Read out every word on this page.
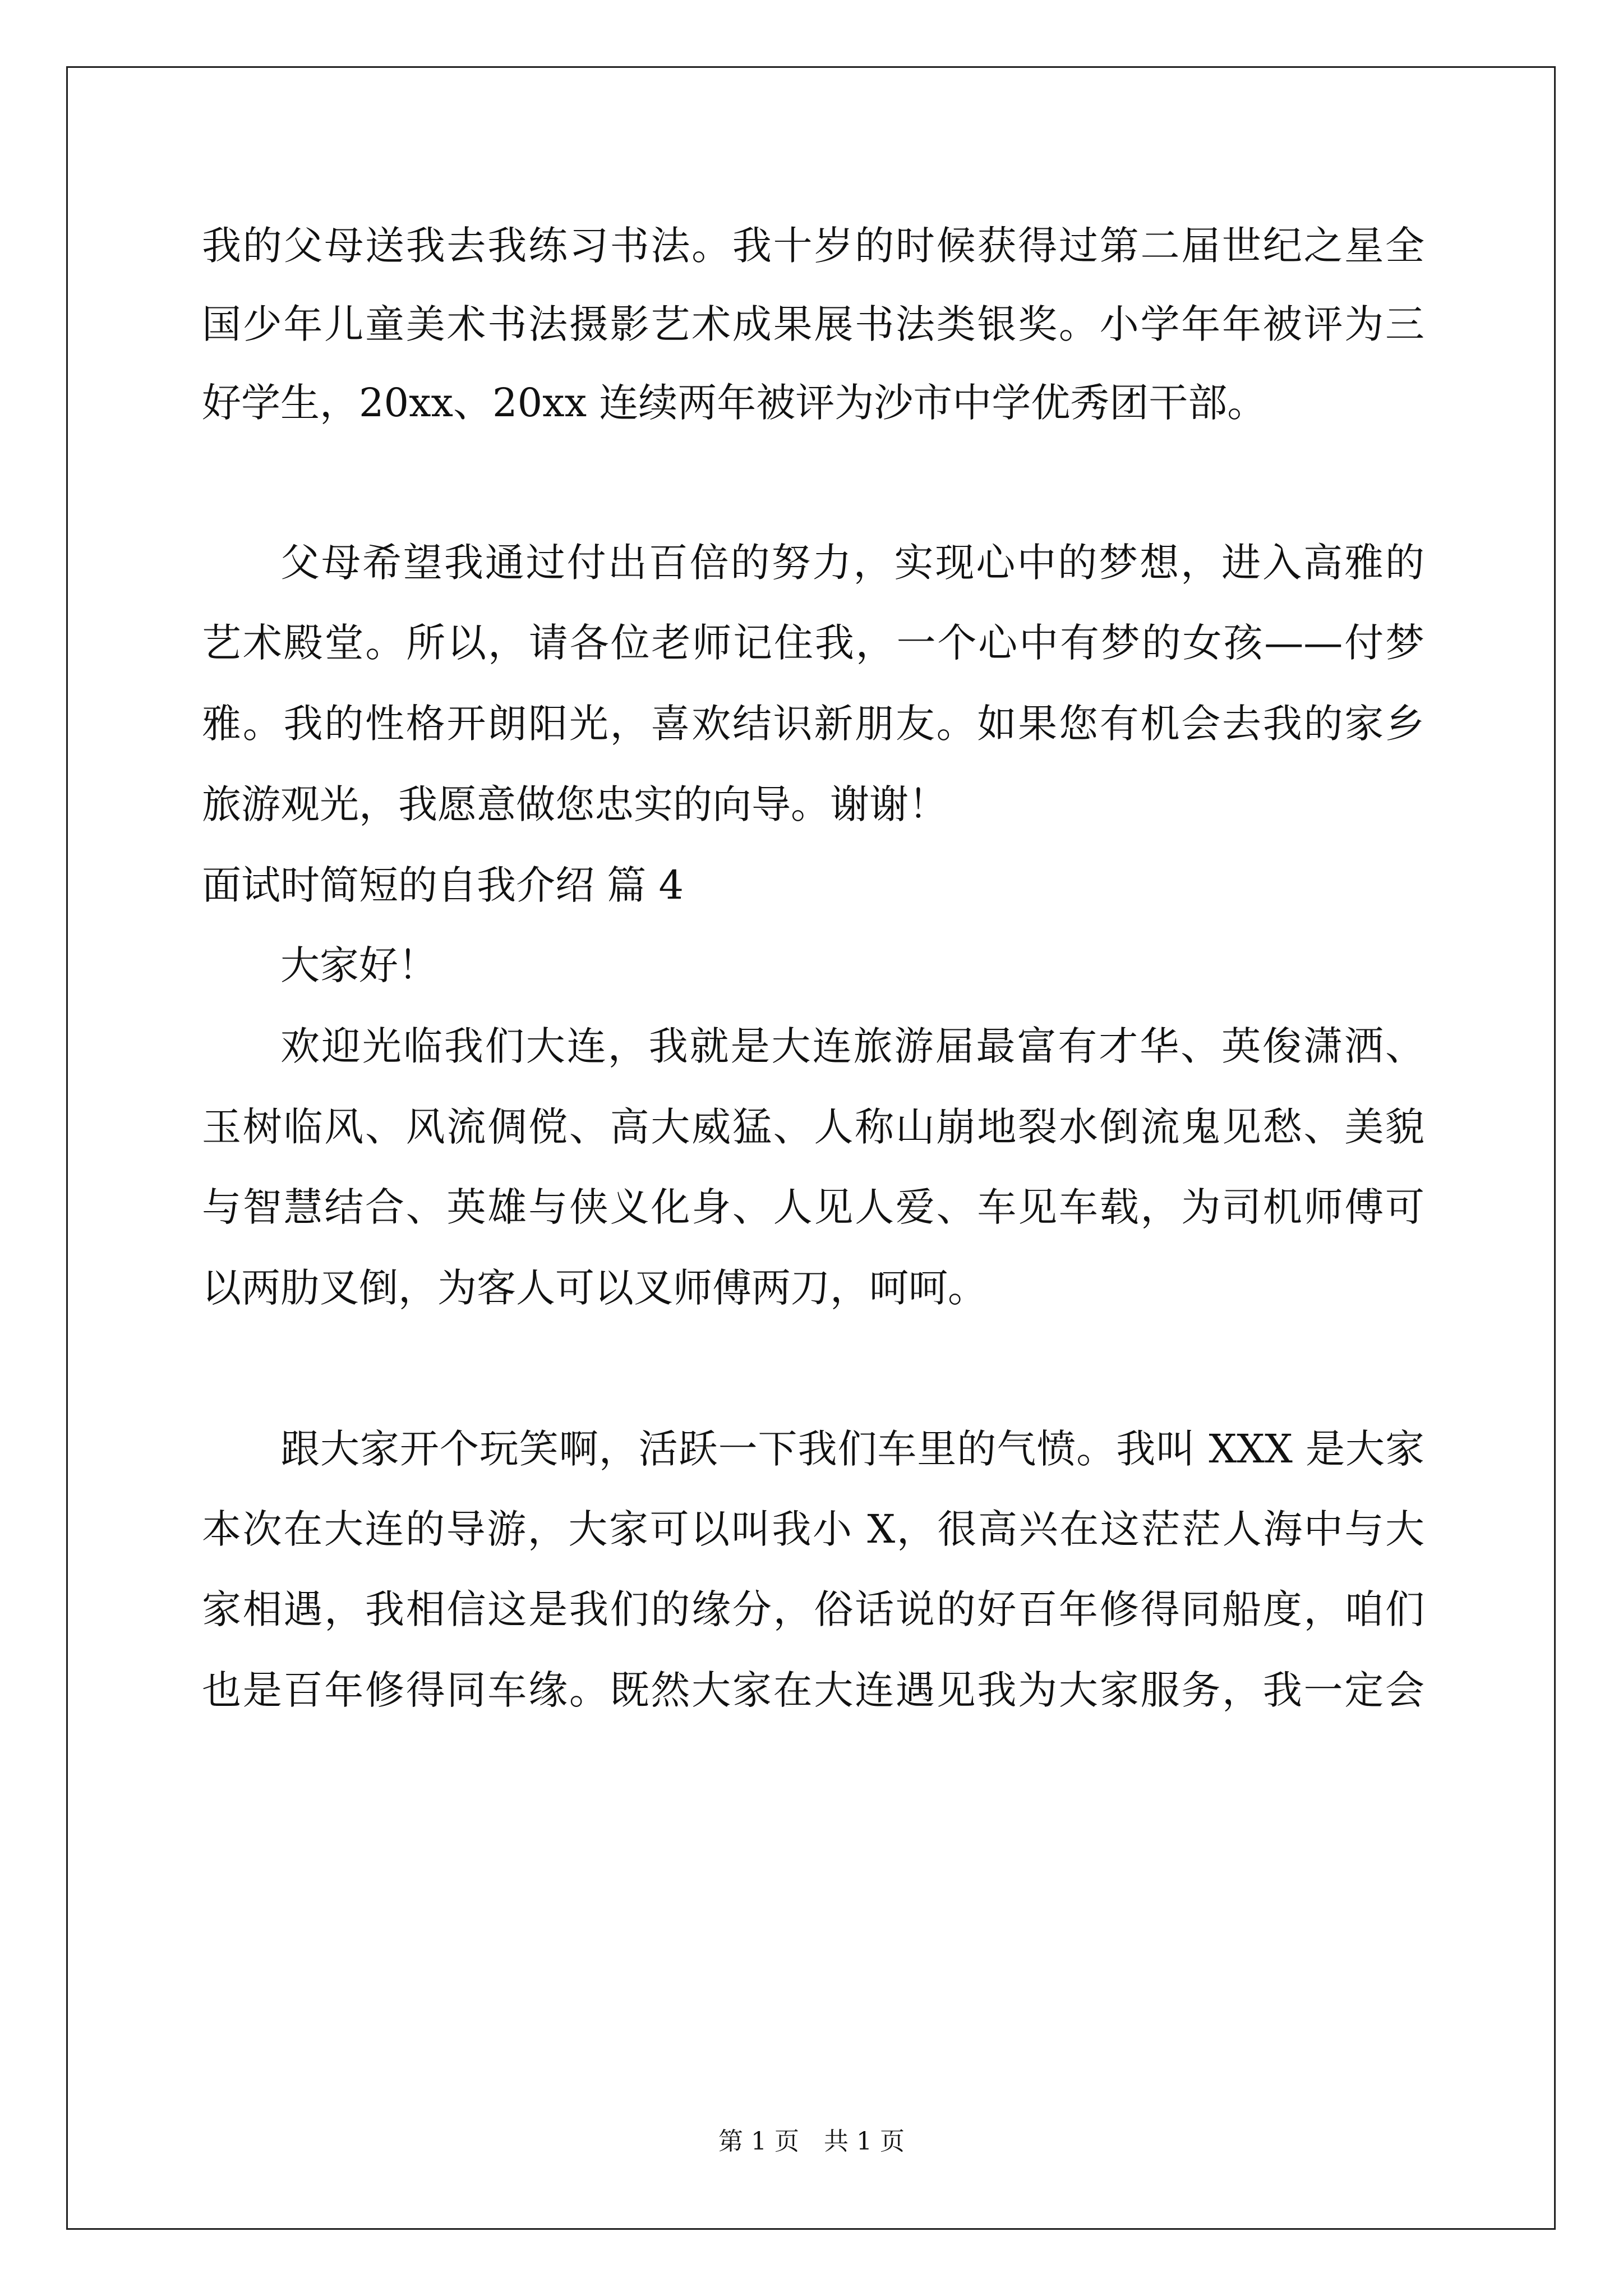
我的父母送我去我练习书法。我十岁的时候获得过第二届世纪之星全
国少年儿童美术书法摄影艺术成果展书法类银奖。小学年年被评为三
好学生，20xx、20xx 连续两年被评为沙市中学优秀团干部。
父母希望我通过付出百倍的努力，实现心中的梦想，进入高雅的
艺术殿堂。所以，请各位老师记住我，一个心中有梦的女孩——付梦
雅。我的性格开朗阳光，喜欢结识新朋友。如果您有机会去我的家乡
旅游观光，我愿意做您忠实的向导。谢谢！
面试时简短的自我介绍 篇 4
大家好！
欢迎光临我们大连，我就是大连旅游届最富有才华、英俊潇洒、
玉树临风、风流倜傥、高大威猛、人称山崩地裂水倒流鬼见愁、美貌
与智慧结合、英雄与侠义化身、人见人爱、车见车载，为司机师傅可
以两肋叉倒，为客人可以叉师傅两刀，呵呵。
跟大家开个玩笑啊，活跃一下我们车里的气愤。我叫 XXX 是大家
本次在大连的导游，大家可以叫我小 X，很高兴在这茫茫人海中与大
家相遇，我相信这是我们的缘分，俗话说的好百年修得同船度，咱们
也是百年修得同车缘。既然大家在大连遇见我为大家服务，我一定会
第 1 页　共 1 页
